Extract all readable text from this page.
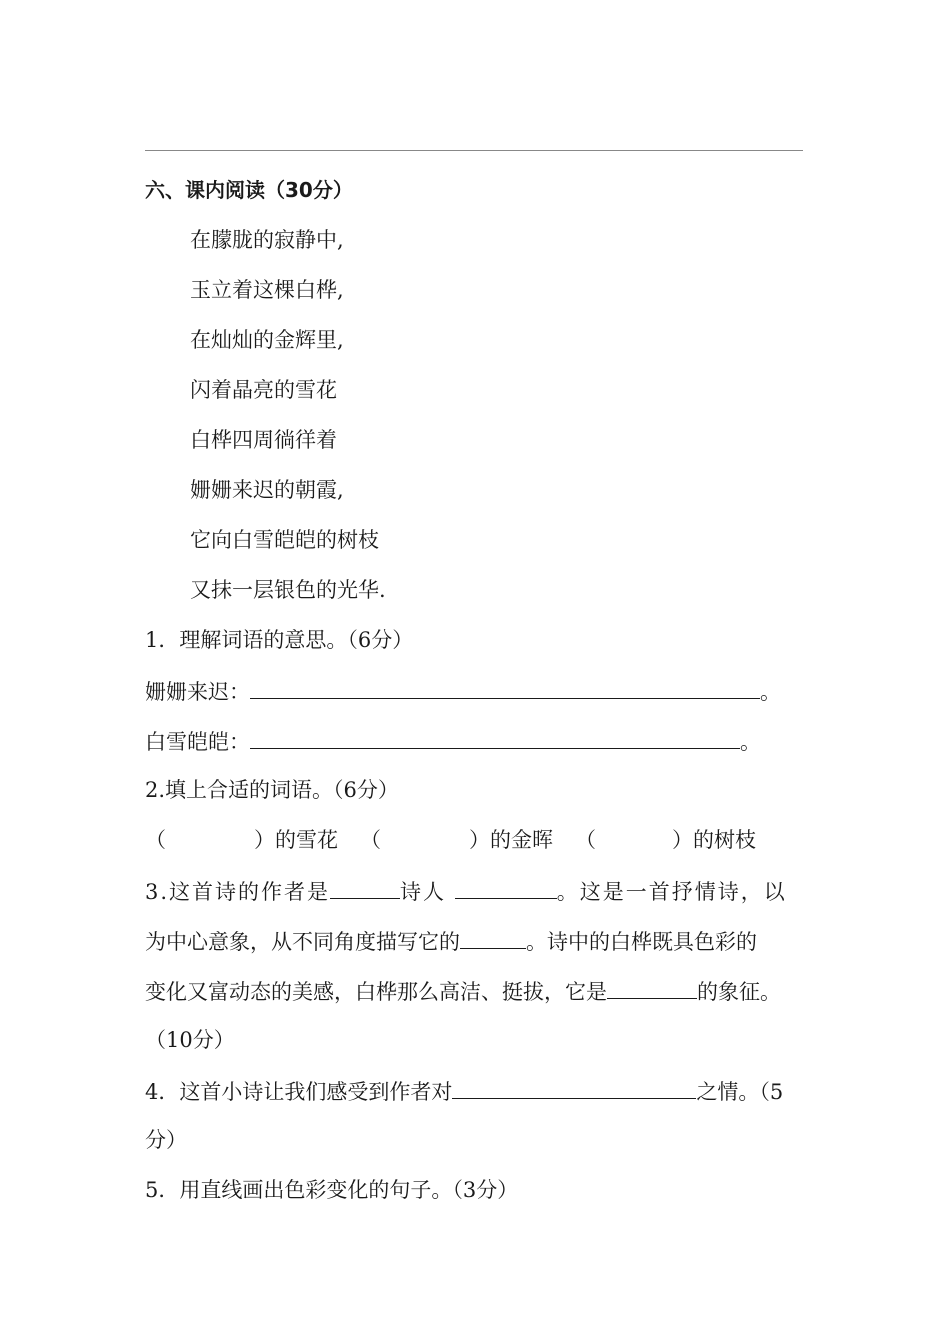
六、课内阅读（30分）
在朦胧的寂静中,
玉立着这棵白桦,
在灿灿的金辉里,
闪着晶亮的雪花
白桦四周徜徉着
姗姗来迟的朝霞,
它向白雪皑皑的树枝
又抹一层银色的光华.
1．理解词语的意思。（6分）
姗姗来迟：	。
白雪皑皑：	。
2.填上合适的词语。（6分）
（	）的雪花 （	）的金晖 （	）的树枝
3.这首诗的作者是	诗人	。这是一首抒情诗，以
为中心意象，从不同角度描写它的	。诗中的白桦既具色彩的
变化又富动态的美感，白桦那么高洁、挺拔，它是	的象征。
（10分）
4．这首小诗让我们感受到作者对	之情。（5
分）
5．用直线画出色彩变化的句子。（3分）
